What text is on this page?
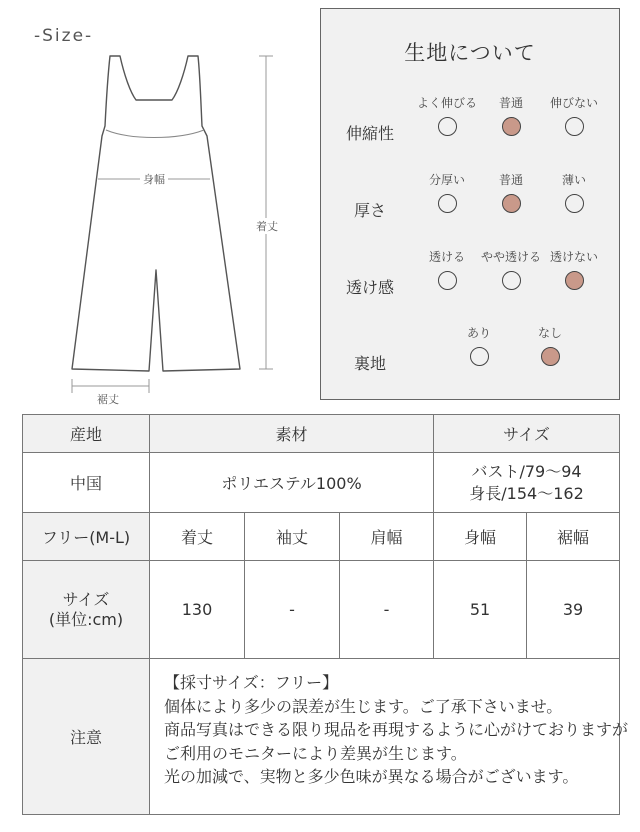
-Size-
身幅
着丈
裾丈
生地について
伸縮性
よく伸びる	普通	伸びない
厚さ
分厚い	普通	薄い
透け感
透ける	やや透ける 透けない
裏地
あり	なし
産地	素材			サイズ	
中国	ポリエステル100%			バスト/79～94
身長/154～162	

フリー(M-L)	着丈	袖丈	肩幅	身幅	裾幅

サイズ
(単位:cm)	130	-	-	51	39
注意	【採寸サイズ：フリー】
個体により多少の誤差が生じます。ご了承下さいませ。
商品写真はできる限り現品を再現するように心がけておりますが
ご利用のモニターにより差異が生じます。
光の加減で、実物と多少色味が異なる場合がございます。				
